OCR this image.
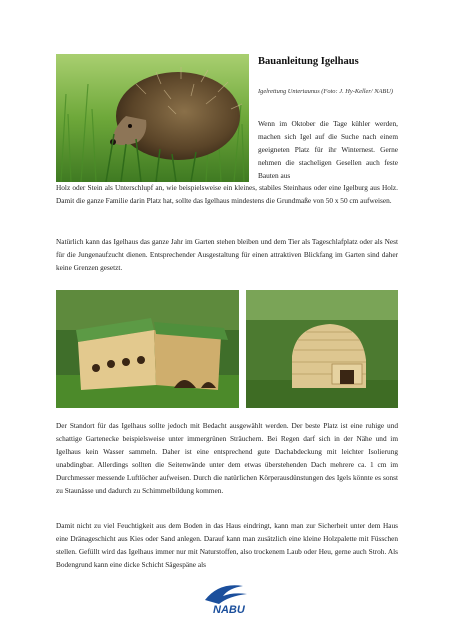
Bauanleitung Igelhaus
Igelrettung Untertaunus (Foto: J. Hy-Keller/ NABU)
Wenn im Oktober die Tage kühler werden, machen sich Igel auf die Suche nach einem geeigneten Platz für ihr Winternest. Gerne nehmen die stacheligen Gesellen auch feste Bauten aus
Holz oder Stein als Unterschlupf an, wie beispielsweise ein kleines, stabiles Steinhaus oder eine Igelburg aus Holz. Damit die ganze Familie darin Platz hat, sollte das Igelhaus mindestens die Grundmaße von 50 x 50 cm aufweisen.
Natürlich kann das Igelhaus das ganze Jahr im Garten stehen bleiben und dem Tier als Tageschlafplatz oder als Nest für die Jungenaufzucht dienen. Entsprechender Ausgestaltung für einen attraktiven Blickfang im Garten sind daher keine Grenzen gesetzt.
Der Standort für das Igelhaus sollte jedoch mit Bedacht ausgewählt werden. Der beste Platz ist eine ruhige und schattige Gartenecke beispielsweise unter immergrünen Sträuchern. Bei Regen darf sich in der Nähe und im Igelhaus kein Wasser sammeln. Daher ist eine entsprechend gute Dachabdeckung mit leichter Isolierung unabdingbar. Allerdings sollten die Seitenwände unter dem etwas überstehenden Dach mehrere ca. 1 cm im Durchmesser messende Luftlöcher aufweisen. Durch die natürlichen Körperausdünstungen des Igels könnte es sonst zu Staunässe und dadurch zu Schimmelbildung kommen.
Damit nicht zu viel Feuchtigkeit aus dem Boden in das Haus eindringt, kann man zur Sicherheit unter dem Haus eine Dränageschicht aus Kies oder Sand anlegen. Darauf kann man zusätzlich eine kleine Holzpalette mit Füsschen stellen. Gefüllt wird das Igelhaus immer nur mit Naturstoffen, also trockenem Laub oder Heu, gerne auch Stroh. Als Bodengrund kann eine dicke Schicht Sägespäne als
NABU
